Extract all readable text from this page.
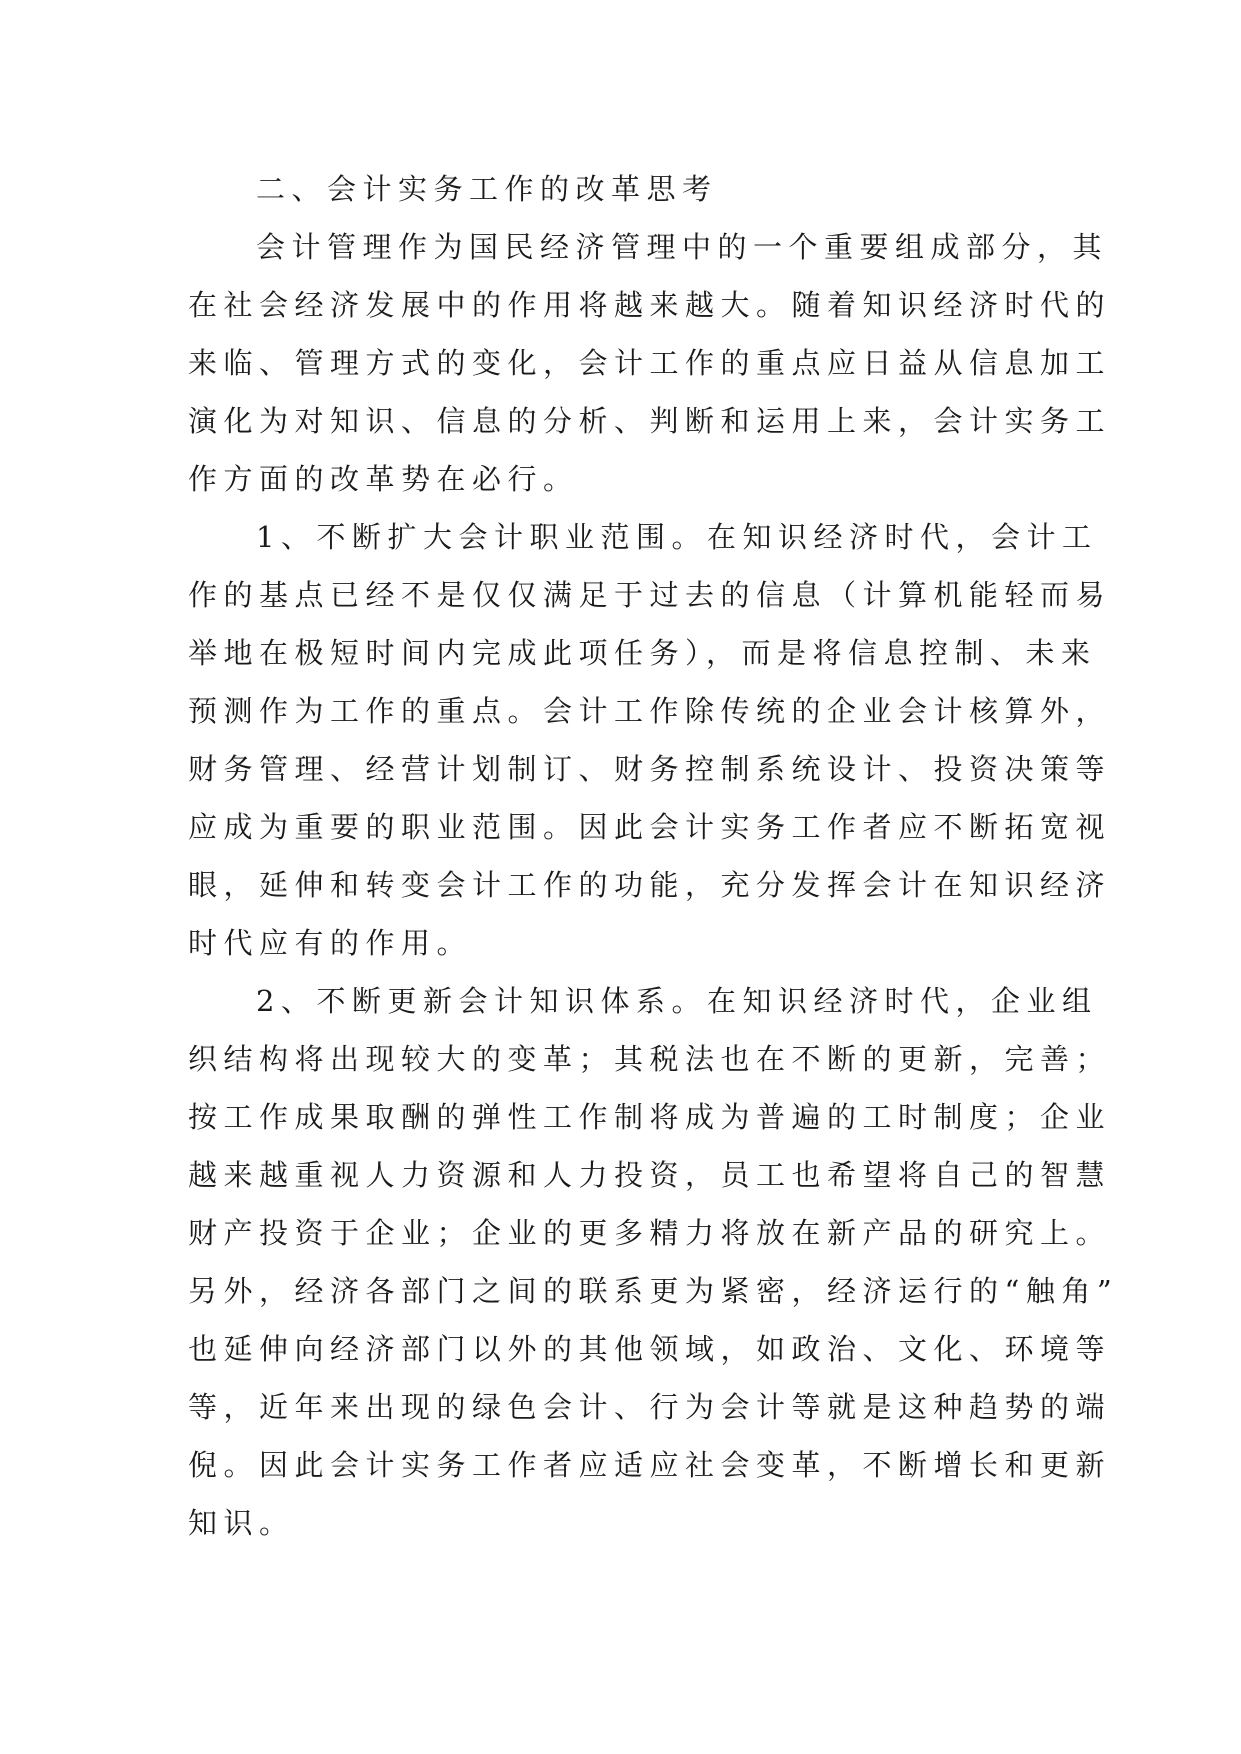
二、会计实务工作的改革思考
会计管理作为国民经济管理中的一个重要组成部分，其
在社会经济发展中的作用将越来越大。随着知识经济时代的
来临、管理方式的变化，会计工作的重点应日益从信息加工
演化为对知识、信息的分析、判断和运用上来，会计实务工
作方面的改革势在必行。
1、不断扩大会计职业范围。在知识经济时代，会计工
作的基点已经不是仅仅满足于过去的信息（计算机能轻而易
举地在极短时间内完成此项任务），而是将信息控制、未来
预测作为工作的重点。会计工作除传统的企业会计核算外，
财务管理、经营计划制订、财务控制系统设计、投资决策等
应成为重要的职业范围。因此会计实务工作者应不断拓宽视
眼，延伸和转变会计工作的功能，充分发挥会计在知识经济
时代应有的作用。
2、不断更新会计知识体系。在知识经济时代，企业组
织结构将出现较大的变革；其税法也在不断的更新，完善；
按工作成果取酬的弹性工作制将成为普遍的工时制度；企业
越来越重视人力资源和人力投资，员工也希望将自己的智慧
财产投资于企业；企业的更多精力将放在新产品的研究上。
另外，经济各部门之间的联系更为紧密，经济运行的“触角”
也延伸向经济部门以外的其他领域，如政治、文化、环境等
等，近年来出现的绿色会计、行为会计等就是这种趋势的端
倪。因此会计实务工作者应适应社会变革，不断增长和更新
知识。
